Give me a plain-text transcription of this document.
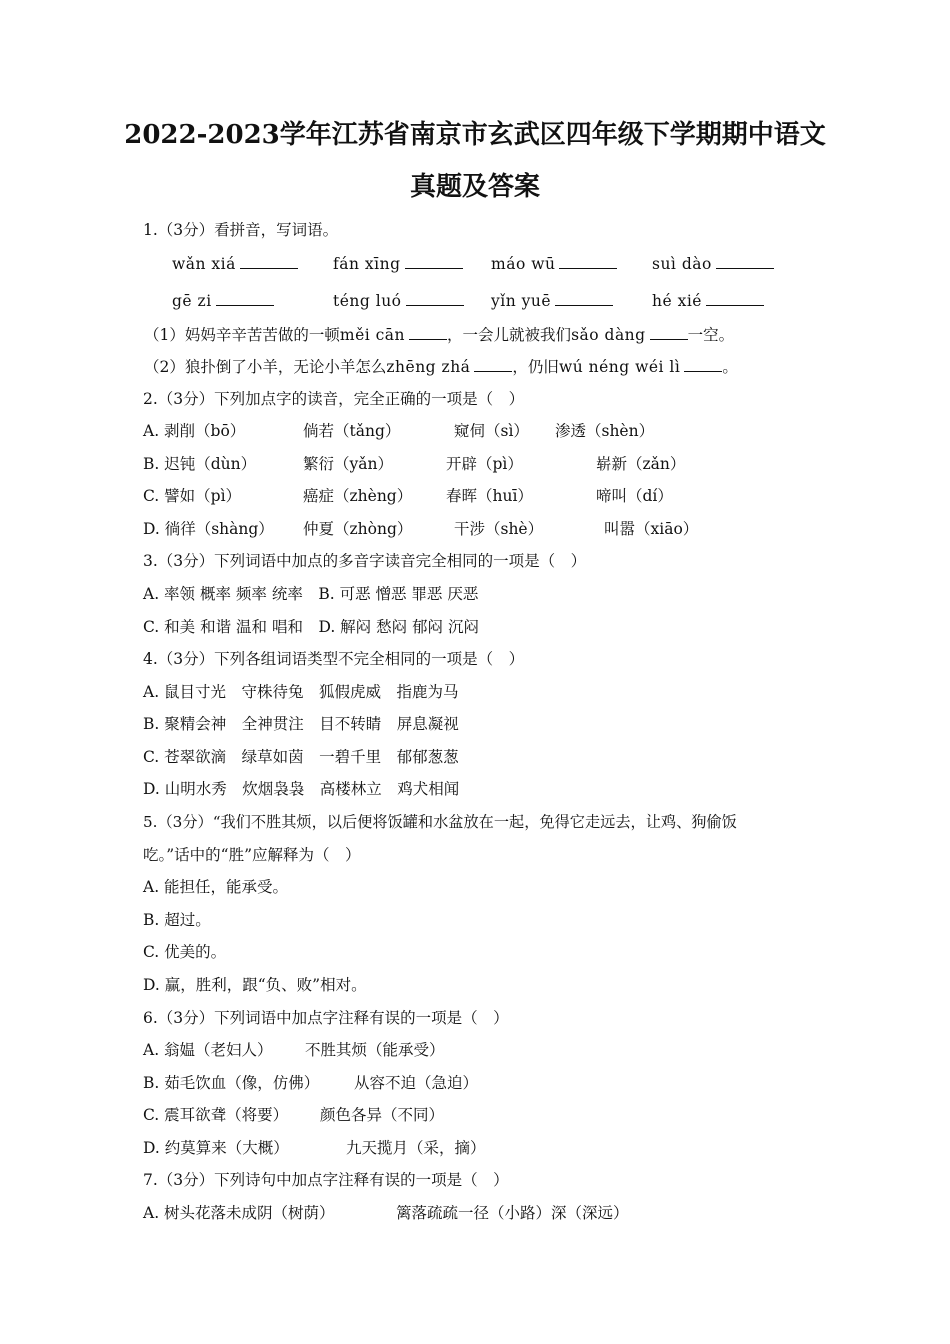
2022-2023学年江苏省南京市玄武区四年级下学期期中语文
真题及答案
1.（3分）看拼音，写词语。
wǎn xiá	fán xīng	máo wū	suì dào
gē zi	téng luó	yǐn yuē	hé xié
（1）妈妈辛辛苦苦做的一顿měi cān	，一会儿就被我们sǎo dàng	一空。
（2）狼扑倒了小羊，无论小羊怎么zhēng zhá	，仍旧wú néng wéi lì	。
2.（3分）下列加点字的读音，完全正确的一项是（　）
A. 剥削（bō）	倘若（tǎng）	窥伺（sì） 渗透（shèn）
B. 迟钝（dùn）	繁衍（yǎn）	开辟（pì）	崭新（zǎn）
C. 譬如（pì）	癌症（zhèng） 春晖（huī）	啼叫（dí）
D. 徜徉（shàng） 仲夏（zhòng）	干涉（shè）	叫嚣（xiāo）
3.（3分）下列词语中加点的多音字读音完全相同的一项是（　）
A. 率领 概率 频率 统率　B. 可恶 憎恶 罪恶 厌恶
C. 和美 和谐 温和 唱和　D. 解闷 愁闷 郁闷 沉闷
4.（3分）下列各组词语类型不完全相同的一项是（　）
A. 鼠目寸光　守株待兔　狐假虎威　指鹿为马
B. 聚精会神　全神贯注　目不转睛　屏息凝视
C. 苍翠欲滴　绿草如茵　一碧千里　郁郁葱葱
D. 山明水秀　炊烟袅袅　高楼林立　鸡犬相闻
5.（3分）“我们不胜其烦，以后便将饭罐和水盆放在一起，免得它走远去，让鸡、狗偷饭
吃。”话中的“胜”应解释为（　）
A. 能担任，能承受。
B. 超过。
C. 优美的。
D. 赢，胜利，跟“负、败”相对。
6.（3分）下列词语中加点字注释有误的一项是（　）
A. 翁媪（老妇人） 不胜其烦（能承受）
B. 茹毛饮血（像，仿佛） 从容不迫（急迫）
C. 震耳欲聋（将要） 颜色各异（不同）
D. 约莫算来（大概）	九天揽月（采，摘）
7.（3分）下列诗句中加点字注释有误的一项是（　）
A. 树头花落未成阴（树荫）	篱落疏疏一径（小路）深（深远）
